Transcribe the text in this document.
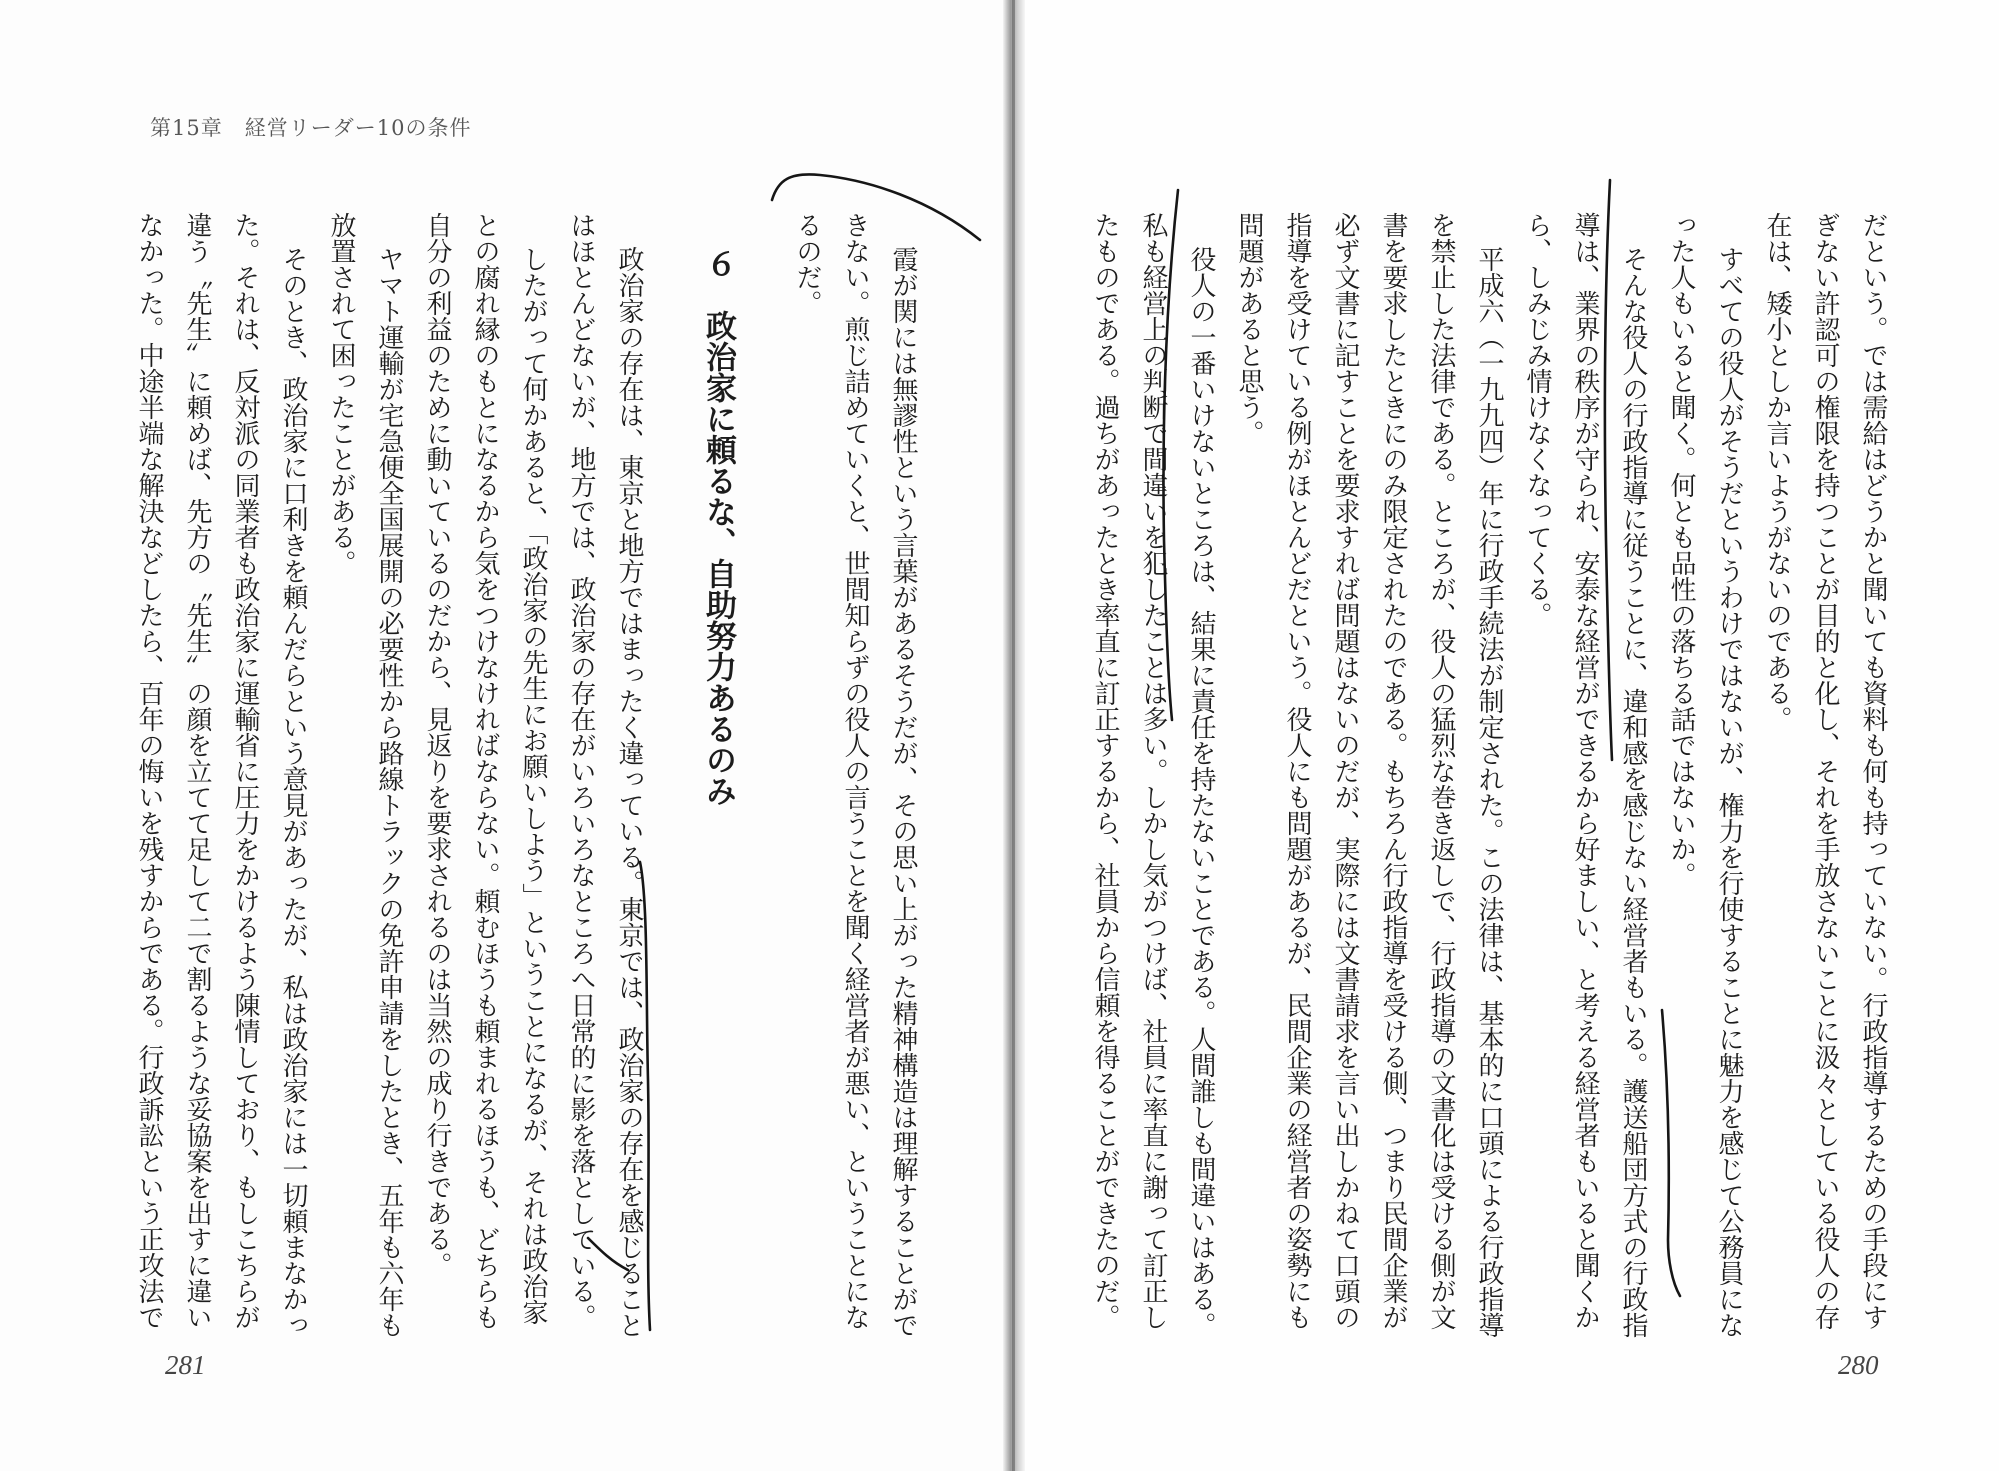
第15章　経営リーダー10の条件
だという。では需給はどうかと聞いても資料も何も持っていない。行政指導するための手段にす
ぎない許認可の権限を持つことが目的と化し、それを手放さないことに汲々としている役人の存
在は、矮小としか言いようがないのである。
すべての役人がそうだというわけではないが、権力を行使することに魅力を感じて公務員にな
った人もいると聞く。何とも品性の落ちる話ではないか。
そんな役人の行政指導に従うことに、違和感を感じない経営者もいる。護送船団方式の行政指
導は、業界の秩序が守られ、安泰な経営ができるから好ましい、と考える経営者もいると聞くか
ら、しみじみ情けなくなってくる。
平成六（一九九四）年に行政手続法が制定された。この法律は、基本的に口頭による行政指導
を禁止した法律である。ところが、役人の猛烈な巻き返しで、行政指導の文書化は受ける側が文
書を要求したときにのみ限定されたのである。もちろん行政指導を受ける側、つまり民間企業が
必ず文書に記すことを要求すれば問題はないのだが、実際には文書請求を言い出しかねて口頭の
指導を受けている例がほとんどだという。役人にも問題があるが、民間企業の経営者の姿勢にも
問題があると思う。
役人の一番いけないところは、結果に責任を持たないことである。人間誰しも間違いはある。
私も経営上の判断で間違いを犯したことは多い。しかし気がつけば、社員に率直に謝って訂正し
たものである。過ちがあったとき率直に訂正するから、社員から信頼を得ることができたのだ。
280
霞が関には無謬性という言葉があるそうだが、その思い上がった精神構造は理解することがで
きない。煎じ詰めていくと、世間知らずの役人の言うことを聞く経営者が悪い、ということにな
るのだ。
６　政治家に頼るな、自助努力あるのみ
政治家の存在は、東京と地方ではまったく違っている。東京では、政治家の存在を感じること
はほとんどないが、地方では、政治家の存在がいろいろなところへ日常的に影を落としている。
したがって何かあると、「政治家の先生にお願いしよう」ということになるが、それは政治家
との腐れ縁のもとになるから気をつけなければならない。頼むほうも頼まれるほうも、どちらも
自分の利益のために動いているのだから、見返りを要求されるのは当然の成り行きである。
ヤマト運輸が宅急便全国展開の必要性から路線トラックの免許申請をしたとき、五年も六年も
放置されて困ったことがある。
そのとき、政治家に口利きを頼んだらという意見があったが、私は政治家には一切頼まなかっ
た。それは、反対派の同業者も政治家に運輸省に圧力をかけるよう陳情しており、もしこちらが
違う〝先生〟に頼めば、先方の〝先生〟の顔を立てて足して二で割るような妥協案を出すに違い
なかった。中途半端な解決などしたら、百年の悔いを残すからである。行政訴訟という正攻法で
281
